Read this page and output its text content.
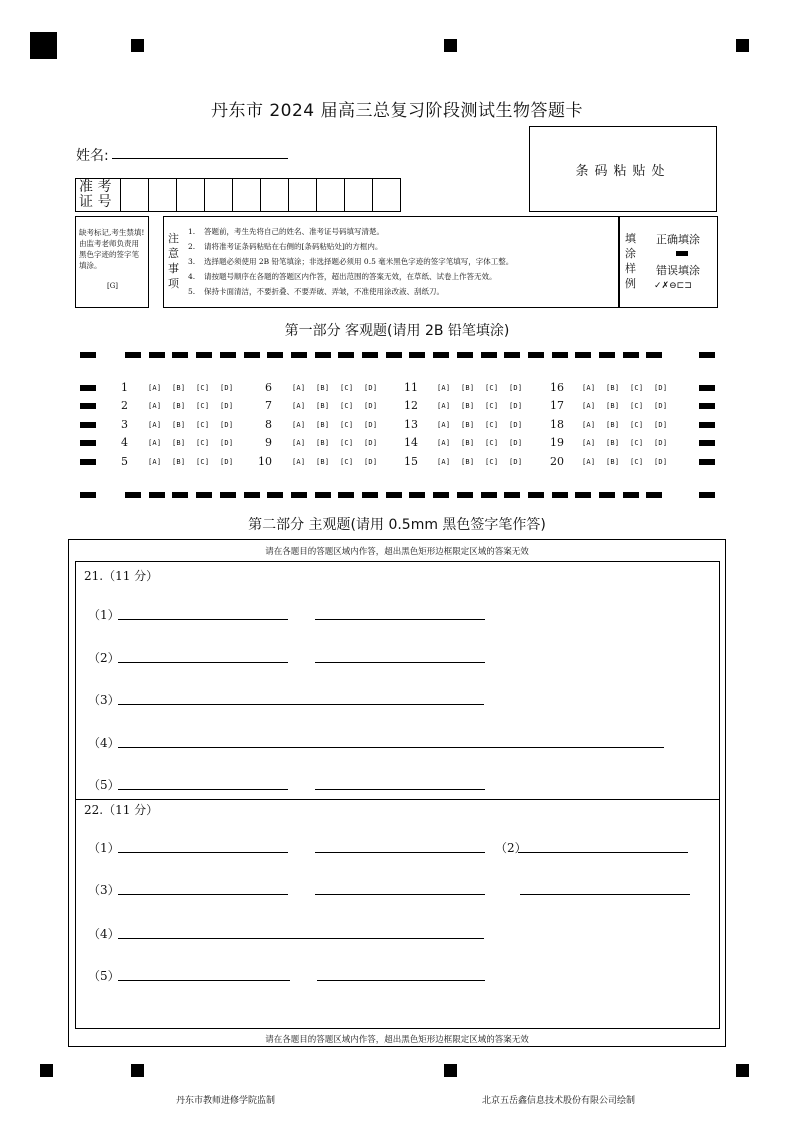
丹东市 2024 届高三总复习阶段测试生物答题卡
姓名:
条码粘贴处
准 考
证 号
缺考标记,考生禁填!由监考老师负责用黑色字迹的签字笔填涂。
[G]
注意事项
1. 答题前，考生先将自己的姓名、准考证号码填写清楚。
2. 请将准考证条码粘贴在右侧的[条码粘贴处]的方框内。
3. 选择题必须使用 2B 铅笔填涂；非选择题必须用 0.5 毫米黑色字迹的签字笔填写，字体工整。
4. 请按题号顺序在各题的答题区内作答，超出范围的答案无效，在草纸、试卷上作答无效。
5. 保持卡面清洁，不要折叠、不要弄破、弄皱，不准使用涂改液、刮纸刀。
填涂样例
正确填涂
错误填涂
✓✗⊖⊏⊐
第一部分 客观题(请用 2B 铅笔填涂)
1	[A] [B] [C] [D]
2	[A] [B] [C] [D]
3	[A] [B] [C] [D]
4	[A] [B] [C] [D]
5	[A] [B] [C] [D]
6	[A] [B] [C] [D]
7	[A] [B] [C] [D]
8	[A] [B] [C] [D]
9	[A] [B] [C] [D]
10	[A] [B] [C] [D]
11	[A] [B] [C] [D]
12	[A] [B] [C] [D]
13	[A] [B] [C] [D]
14	[A] [B] [C] [D]
15	[A] [B] [C] [D]
16	[A] [B] [C] [D]
17	[A] [B] [C] [D]
18	[A] [B] [C] [D]
19	[A] [B] [C] [D]
20	[A] [B] [C] [D]
第二部分 主观题(请用 0.5mm 黑色签字笔作答)
请在各题目的答题区域内作答，超出黑色矩形边框限定区域的答案无效
21.（11 分）
（1）
（2）
（3）
（4）
（5）
22.（11 分）
（1）	（2）
（3）
（4）
（5）
请在各题目的答题区域内作答，超出黑色矩形边框限定区域的答案无效
丹东市教师进修学院监制	北京五岳鑫信息技术股份有限公司绘制
